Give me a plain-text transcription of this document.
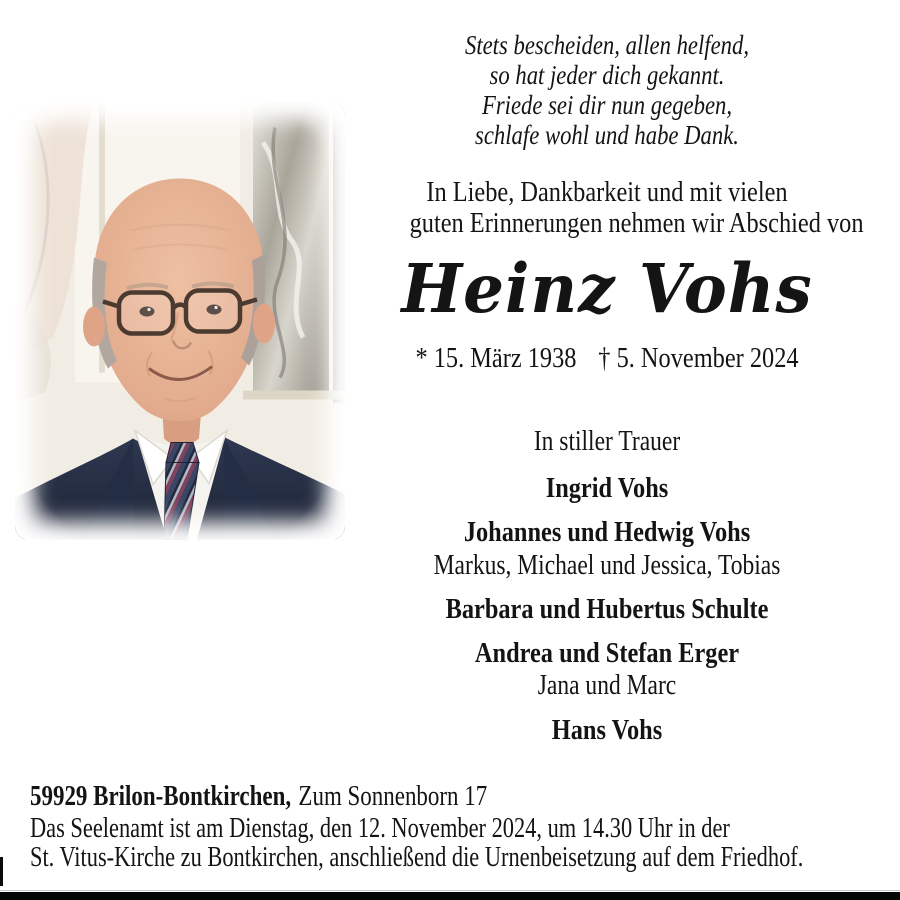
Stets bescheiden, allen helfend,
so hat jeder dich gekannt.
Friede sei dir nun gegeben,
schlafe wohl und habe Dank.
In Liebe, Dankbarkeit und mit vielen
guten Erinnerungen nehmen wir Abschied von
Heinz Vohs
* 15. März 1938 † 5. November 2024
In stiller Trauer
Ingrid Vohs
Johannes und Hedwig Vohs
Markus, Michael und Jessica, Tobias
Barbara und Hubertus Schulte
Andrea und Stefan Erger
Jana und Marc
Hans Vohs
59929 Brilon-Bontkirchen, Zum Sonnenborn 17
Das Seelenamt ist am Dienstag, den 12. November 2024, um 14.30 Uhr in der
St. Vitus-Kirche zu Bontkirchen, anschließend die Urnenbeisetzung auf dem Friedhof.
